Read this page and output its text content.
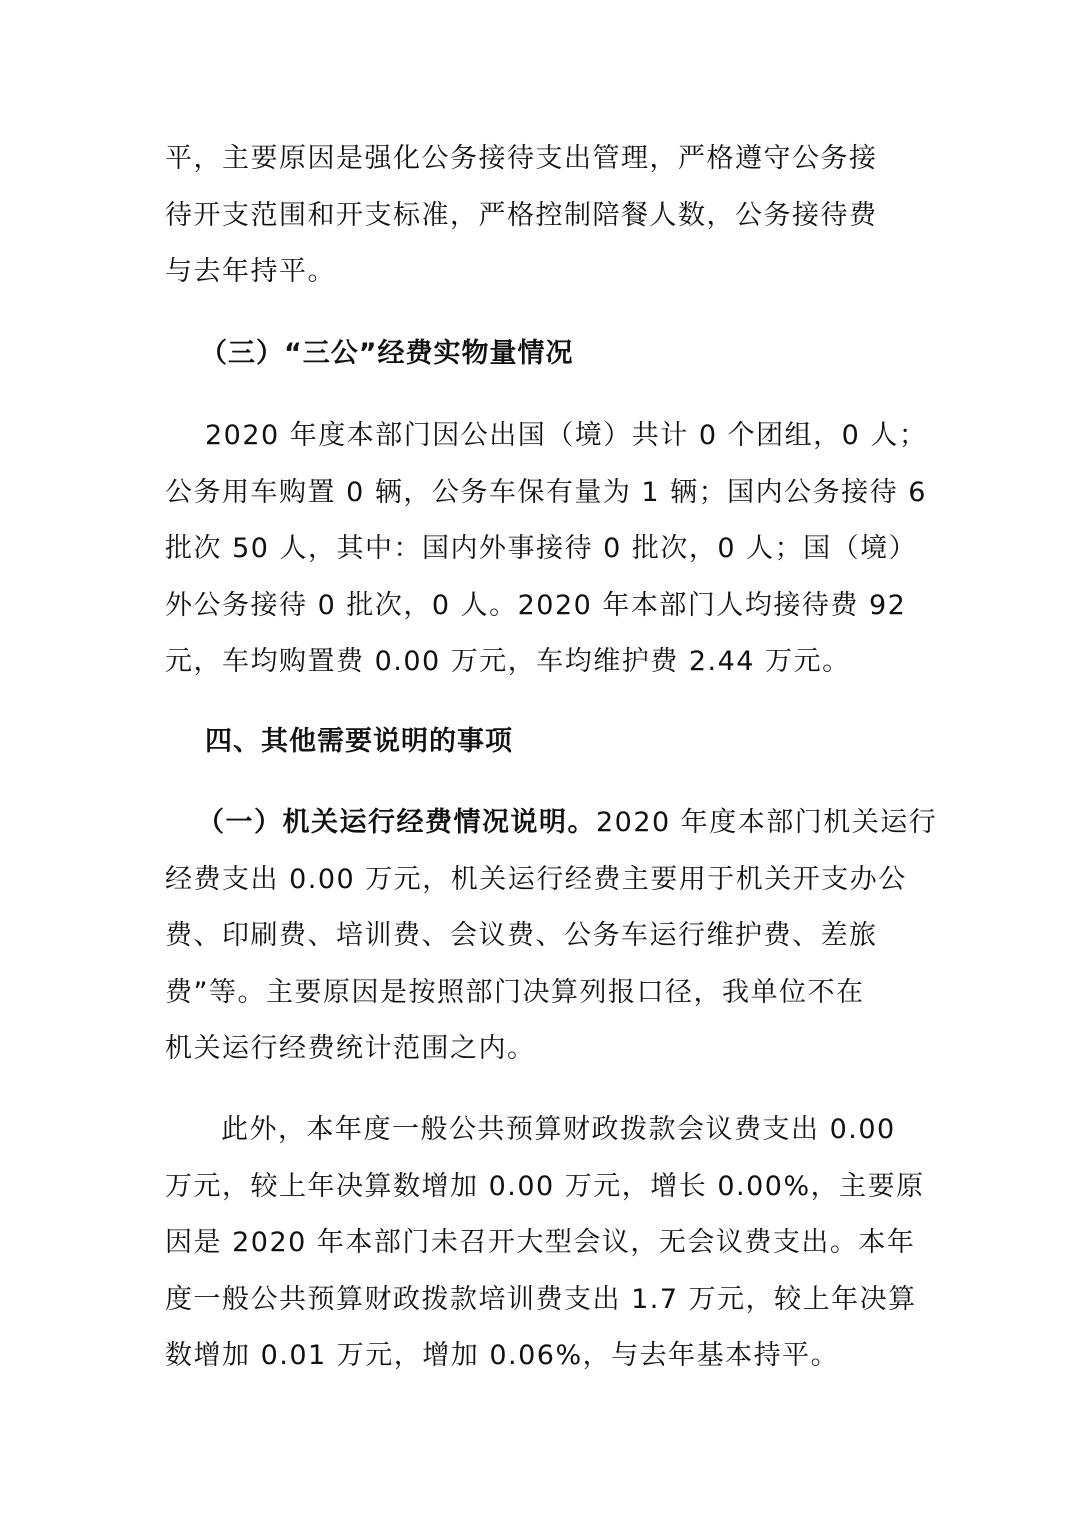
平，主要原因是强化公务接待支出管理，严格遵守公务接
待开支范围和开支标准，严格控制陪餐人数，公务接待费
与去年持平。
（三）“三公”经费实物量情况
2020 年度本部门因公出国（境）共计 0 个团组，0 人；
公务用车购置 0 辆，公务车保有量为 1 辆；国内公务接待 6
批次 50 人，其中：国内外事接待 0 批次，0 人；国（境）
外公务接待 0 批次，0 人。2020 年本部门人均接待费 92
元，车均购置费 0.00 万元，车均维护费 2.44 万元。
四、其他需要说明的事项
（一）机关运行经费情况说明。2020 年度本部门机关运行
经费支出 0.00 万元，机关运行经费主要用于机关开支办公
费、印刷费、培训费、会议费、公务车运行维护费、差旅
费”等。主要原因是按照部门决算列报口径，我单位不在
机关运行经费统计范围之内。
此外，本年度一般公共预算财政拨款会议费支出 0.00
万元，较上年决算数增加 0.00 万元，增长 0.00%，主要原
因是 2020 年本部门未召开大型会议，无会议费支出。本年
度一般公共预算财政拨款培训费支出 1.7 万元，较上年决算
数增加 0.01 万元，增加 0.06%，与去年基本持平。
